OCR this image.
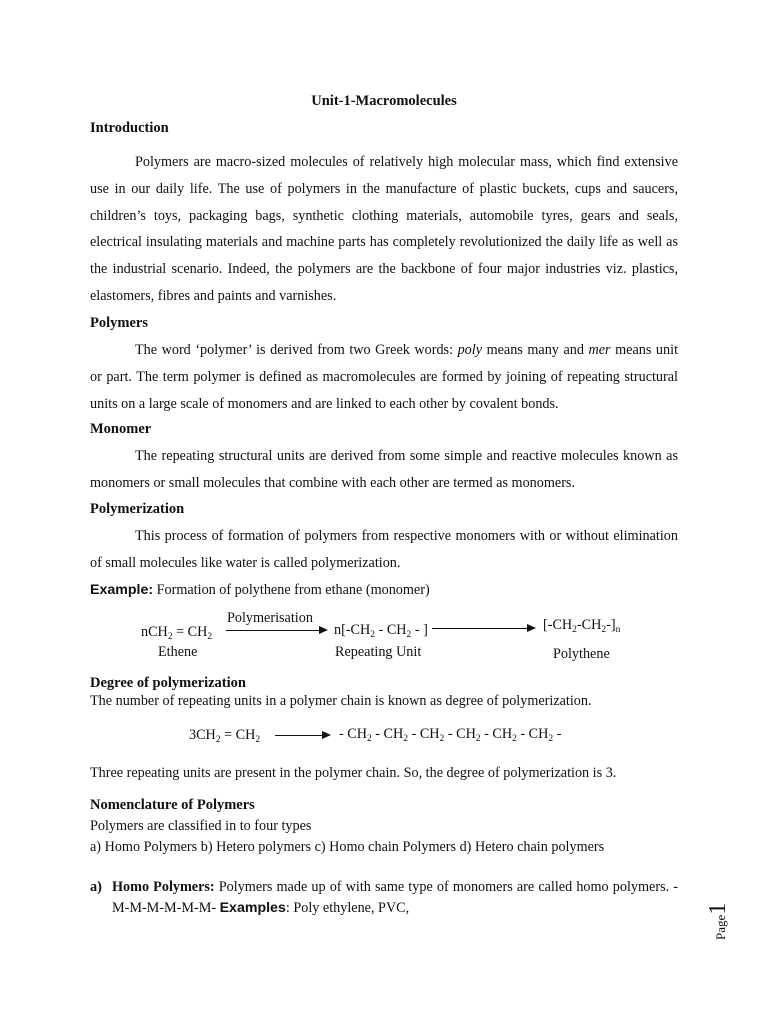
Unit-1-Macromolecules
Introduction
Polymers are macro-sized molecules of relatively high molecular mass, which find extensive use in our daily life. The use of polymers in the manufacture of plastic buckets, cups and saucers, children’s toys, packaging bags, synthetic clothing materials, automobile tyres, gears and seals, electrical insulating materials and machine parts has completely revolutionized the daily life as well as the industrial scenario. Indeed, the polymers are the backbone of four major industries viz. plastics, elastomers, fibres and paints and varnishes.
Polymers
The word ‘polymer’ is derived from two Greek words: poly means many and mer means unit or part. The term polymer is defined as macromolecules are formed by joining of repeating structural units on a large scale of monomers and are linked to each other by covalent bonds.
Monomer
The repeating structural units are derived from some simple and reactive molecules known as monomers or small molecules that combine with each other are termed as monomers.
Polymerization
This process of formation of polymers from respective monomers with or without elimination of small molecules like water is called polymerization.
Example: Formation of polythene from ethane (monomer)
$nCH_2 = CH_2$
Ethene
Polymerisation
$n[-CH_2 - CH_2$ - ]
Repeating Unit
$[-CH_2-CH_2-]_n$
Polythene
Degree of polymerization
The number of repeating units in a polymer chain is known as degree of polymerization.
$3CH_2 = CH_2$	- $CH_2 - CH_2 - CH_2 - CH_2 - CH_2 - CH_2$ -
Three repeating units are present in the polymer chain. So, the degree of polymerization is 3.
Nomenclature of Polymers
Polymers are classified in to four types
a) Homo Polymers b) Hetero polymers c) Homo chain Polymers d) Hetero chain polymers
a) Homo Polymers: Polymers made up of with same type of monomers are called homo polymers. -M-M-M-M-M-M- Examples: Poly ethylene, PVC,
Page1
